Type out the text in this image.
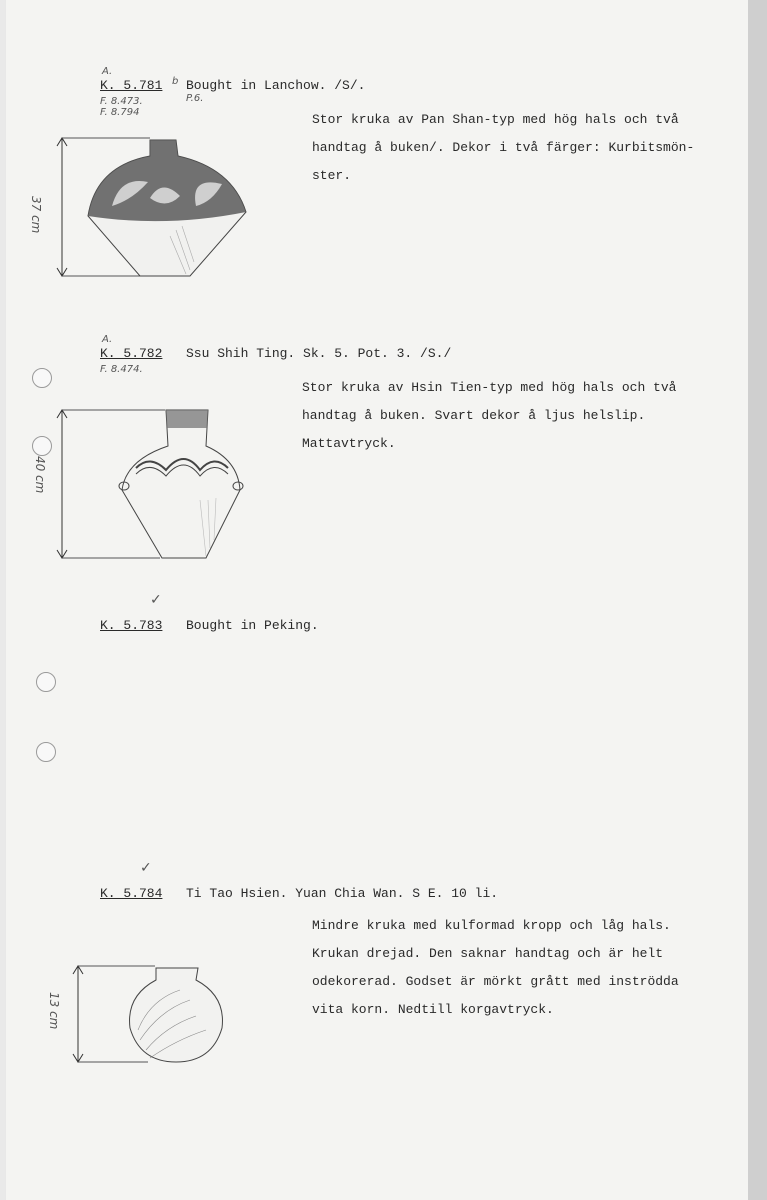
A.
K. 5.781 b Bought in Lanchow. /S/.
F. 8.473.
F. 8.794
P.6.
Stor kruka av Pan Shan-typ med hög hals och två
handtag å buken/. Dekor i två färger: Kurbitsmön-
ster.
37 cm
A.
K. 5.782 Ssu Shih Ting. Sk. 5. Pot. 3. /S./
F. 8.474.
Stor kruka av Hsin Tien-typ med hög hals och två
handtag å buken. Svart dekor å ljus helslip.
Mattavtryck.
40 cm
✓
K. 5.783 Bought in Peking.
✓
K. 5.784 Ti Tao Hsien. Yuan Chia Wan. S E. 10 li.
Mindre kruka med kulformad kropp och låg hals.
Krukan drejad. Den saknar handtag och är helt
odekorerad. Godset är mörkt grått med inströdda
vita korn. Nedtill korgavtryck.
13 cm
